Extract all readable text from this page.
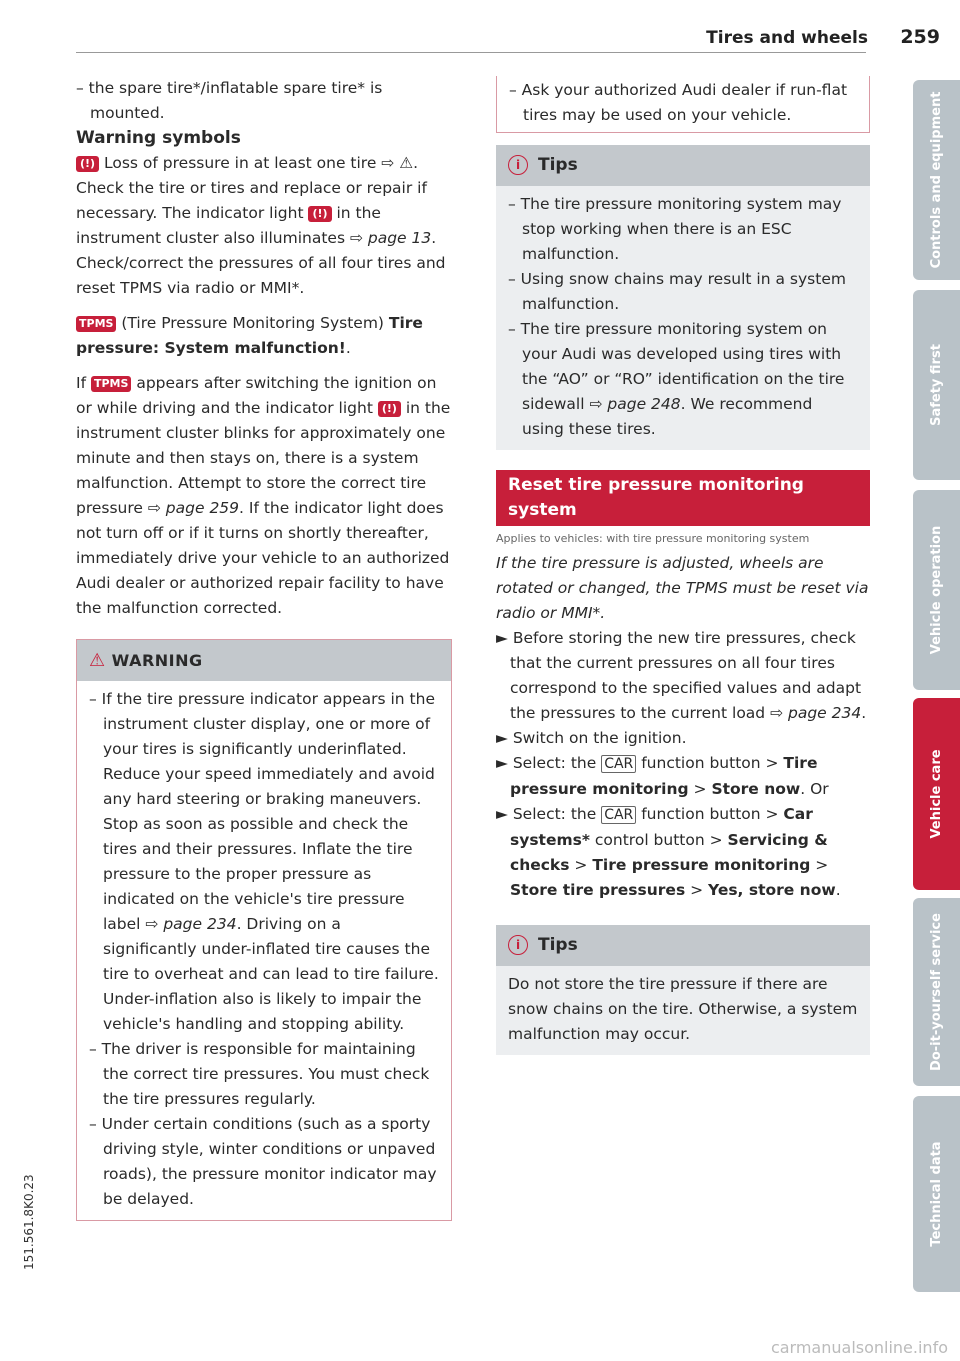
Tires and wheels 259
Controls and equipment
Safety first
Vehicle operation
Vehicle care
Do-it-yourself service
Technical data

– the spare tire*/inflatable spare tire* is mounted.

Warning symbols

(!) Loss of pressure in at least one tire ⇨ ⚠. Check the tire or tires and replace or repair if necessary. The indicator light (!) in the instrument cluster also illuminates ⇨ page 13. Check/correct the pressures of all four tires and reset TPMS via radio or MMI*.

TPMS (Tire Pressure Monitoring System) Tire pressure: System malfunction!.

If TPMS appears after switching the ignition on or while driving and the indicator light (!) in the instrument cluster blinks for approximately one minute and then stays on, there is a system malfunction. Attempt to store the correct tire pressure ⇨ page 259. If the indicator light does not turn off or if it turns on shortly thereafter, immediately drive your vehicle to an authorized Audi dealer or authorized repair facility to have the malfunction corrected.

⚠ WARNING

– If the tire pressure indicator appears in the instrument cluster display, one or more of your tires is significantly underinflated. Reduce your speed immediately and avoid any hard steering or braking maneuvers. Stop as soon as possible and check the tires and their pressures. Inflate the tire pressure to the proper pressure as indicated on the vehicle's tire pressure label ⇨ page 234. Driving on a significantly under-inflated tire causes the tire to overheat and can lead to tire failure. Under-inflation also is likely to impair the vehicle's handling and stopping ability.

– The driver is responsible for maintaining the correct tire pressures. You must check the tire pressures regularly.

– Under certain conditions (such as a sporty driving style, winter conditions or unpaved roads), the pressure monitor indicator may be delayed.

– Ask your authorized Audi dealer if run-flat tires may be used on your vehicle.

i Tips

– The tire pressure monitoring system may stop working when there is an ESC malfunction.

– Using snow chains may result in a system malfunction.

– The tire pressure monitoring system on your Audi was developed using tires with the “AO” or “RO” identification on the tire sidewall ⇨ page 248. We recommend using these tires.

Reset tire pressure monitoring system

Applies to vehicles: with tire pressure monitoring system

If the tire pressure is adjusted, wheels are rotated or changed, the TPMS must be reset via radio or MMI*.

► Before storing the new tire pressures, check that the current pressures on all four tires correspond to the specified values and adapt the pressures to the current load ⇨ page 234.

► Switch on the ignition.

► Select: the CAR function button > Tire pressure monitoring > Store now. Or

► Select: the CAR function button > Car systems* control button > Servicing & checks > Tire pressure monitoring > Store tire pressures > Yes, store now.

i Tips

Do not store the tire pressure if there are snow chains on the tire. Otherwise, a system malfunction may occur.

151.561.8K0.23
carmanualsonline.info
